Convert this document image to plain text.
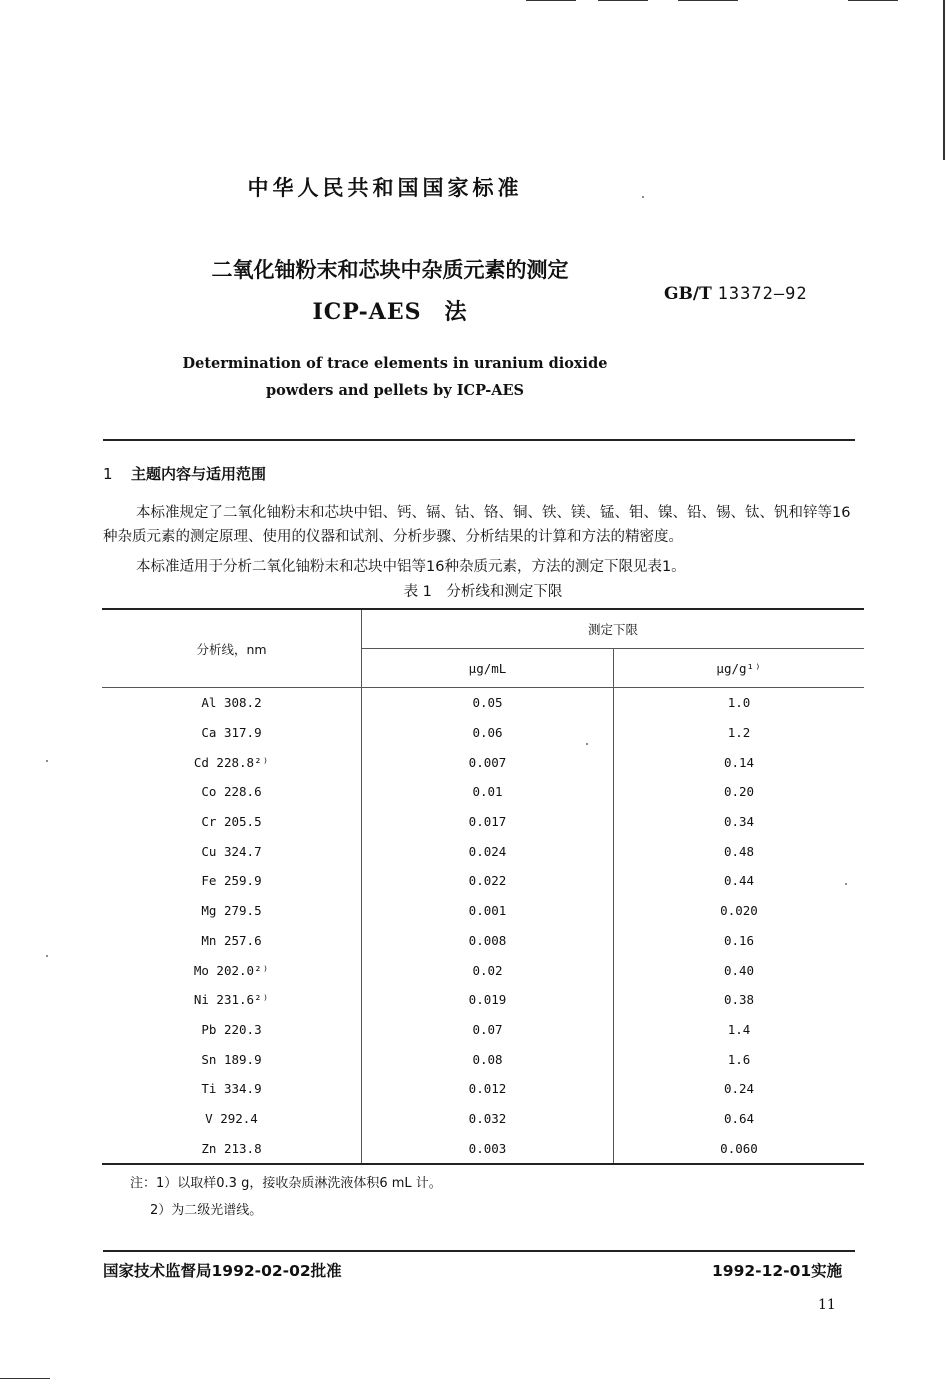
中华人民共和国国家标准
二氧化铀粉末和芯块中杂质元素的测定
ICP-AES　法
GB/T 13372—92
Determination of trace elements in uranium dioxide
powders and pellets by ICP-AES
1 主题内容与适用范围
本标准规定了二氧化铀粉末和芯块中铝、钙、镉、钴、铬、铜、铁、镁、锰、钼、镍、铅、锡、钛、钒和锌等16种杂质元素的测定原理、使用的仪器和试剂、分析步骤、分析结果的计算和方法的精密度。
本标准适用于分析二氧化铀粉末和芯块中铝等16种杂质元素，方法的测定下限见表1。
表 1　分析线和测定下限
分析线，nm	测定下限	
	μg/mL	μg/g¹⁾
Al 308.2	0.05	1.0
Ca 317.9	0.06	1.2
Cd 228.8²⁾	0.007	0.14
Co 228.6	0.01	0.20
Cr 205.5	0.017	0.34
Cu 324.7	0.024	0.48
Fe 259.9	0.022	0.44
Mg 279.5	0.001	0.020
Mn 257.6	0.008	0.16
Mo 202.0²⁾	0.02	0.40
Ni 231.6²⁾	0.019	0.38
Pb 220.3	0.07	1.4
Sn 189.9	0.08	1.6
Ti 334.9	0.012	0.24
V 292.4	0.032	0.64
Zn 213.8	0.003	0.060
注：1）以取样0.3 g，接收杂质淋洗液体积6 mL 计。
2）为二级光谱线。
国家技术监督局1992-02-02批准	1992-12-01实施
11
